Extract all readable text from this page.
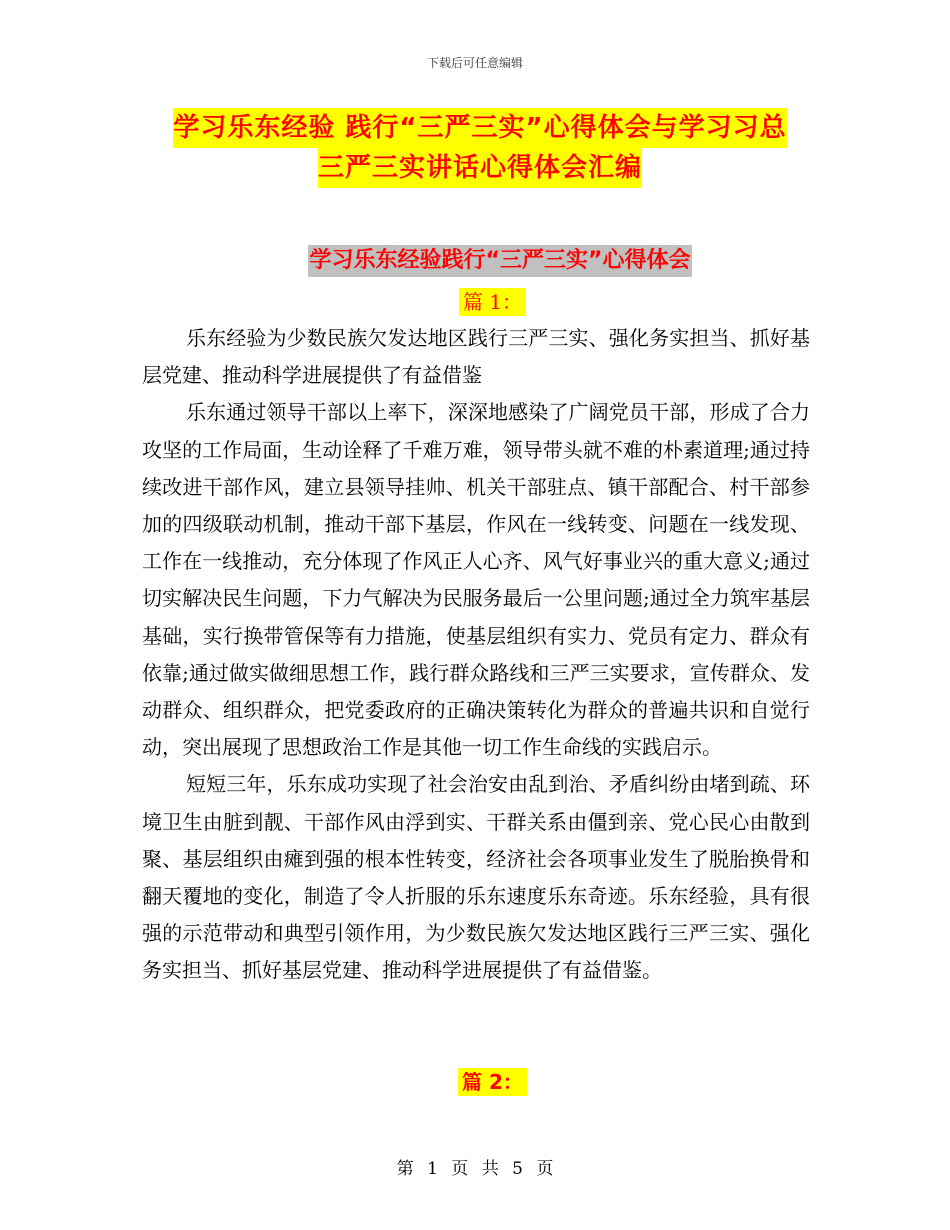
下载后可任意编辑
学习乐东经验 践行“三严三实”心得体会与学习习总
三严三实讲话心得体会汇编
学习乐东经验践行“三严三实”心得体会
篇 1：

乐东经验为少数民族欠发达地区践行三严三实、强化务实担当、抓好基层党建、推动科学进展提供了有益借鉴

乐东通过领导干部以上率下，深深地感染了广阔党员干部，形成了合力攻坚的工作局面，生动诠释了千难万难，领导带头就不难的朴素道理;通过持续改进干部作风，建立县领导挂帅、机关干部驻点、镇干部配合、村干部参加的四级联动机制，推动干部下基层，作风在一线转变、问题在一线发现、工作在一线推动，充分体现了作风正人心齐、风气好事业兴的重大意义;通过切实解决民生问题，下力气解决为民服务最后一公里问题;通过全力筑牢基层基础，实行换带管保等有力措施，使基层组织有实力、党员有定力、群众有依靠;通过做实做细思想工作，践行群众路线和三严三实要求，宣传群众、发动群众、组织群众，把党委政府的正确决策转化为群众的普遍共识和自觉行动，突出展现了思想政治工作是其他一切工作生命线的实践启示。

短短三年，乐东成功实现了社会治安由乱到治、矛盾纠纷由堵到疏、环境卫生由脏到靓、干部作风由浮到实、干群关系由僵到亲、党心民心由散到聚、基层组织由瘫到强的根本性转变，经济社会各项事业发生了脱胎换骨和翻天覆地的变化，制造了令人折服的乐东速度乐东奇迹。乐东经验，具有很强的示范带动和典型引领作用，为少数民族欠发达地区践行三严三实、强化务实担当、抓好基层党建、推动科学进展提供了有益借鉴。

篇 2：
第 1 页 共 5 页
